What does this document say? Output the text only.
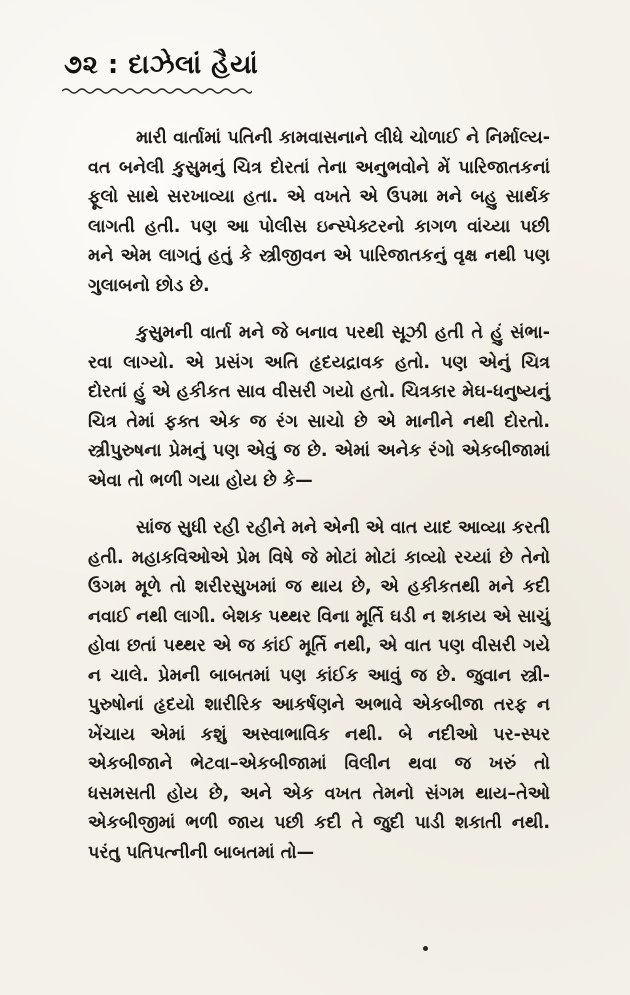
૭૨ : દાઝેલાં હૈયાં

મારી વાર્તામાં પતિની કામવાસનાને લીધે ચોળાઈ ને નિર્માલ્ય-વત બનેલી કુસુમનું ચિત્ર દોરતાં તેના અનુભવોને મેં પારિજાતકનાં ફૂલો સાથે સરખાવ્યા હતા. એ વખતે એ ઉપમા મને બહુ સાર્થક લાગતી હતી. પણ આ પોલીસ ઇન્સ્પેક્ટરનો કાગળ વાંચ્યા પછી મને એમ લાગતું હતું કે સ્ત્રીજીવન એ પારિજાતકનું વૃક્ષ નથી પણ ગુલાબનો છોડ છે.

કુસુમની વાર્તા મને જે બનાવ પરથી સૂઝી હતી તે હું સંભા-રવા લાગ્યો. એ પ્રસંગ અતિ હૃદયદ્રાવક હતો. પણ એનું ચિત્ર દોરતાં હું એ હકીકત સાવ વીસરી ગયો હતો. ચિત્રકાર મેઘ-ધનુષ્યનું ચિત્ર તેમાં ફક્ત એક જ રંગ સાચો છે એ માનીને નથી દોરતો. સ્ત્રીપુરુષના પ્રેમનું પણ એવું જ છે. એમાં અનેક રંગો એકબીજામાં એવા તો ભળી ગયા હોય છે કે—

સાંજ સુધી રહી રહીને મને એની એ વાત યાદ આવ્યા કરતી હતી. મહાકવિઓએ પ્રેમ વિષે જે મોટાં મોટાં કાવ્યો રચ્યાં છે તેનો ઉગમ મૂળે તો શરીરસુખમાં જ થાય છે, એ હકીકતથી મને કદી નવાઈ નથી લાગી. બેશક પથ્થર વિના મૂર્તિ ઘડી ન શકાય એ સાચું હોવા છતાં પથ્થર એ જ કાંઈ મૂર્તિ નથી, એ વાત પણ વીસરી ગયે ન ચાલે. પ્રેમની બાબતમાં પણ કાંઈક આવું જ છે. જુવાન સ્ત્રી-પુરુષોનાં હૃદયો શારીરિક આકર્ષણને અભાવે એકબીજા તરફ ન ખેંચાય એમાં કશું અસ્વાભાવિક નથી. બે નદીઓ પર-સ્પર એકબીજાને ભેટવા–એકબીજામાં વિલીન થવા જ ખરું તો ધસમસતી હોય છે, અને એક વખત તેમનો સંગમ થાય–તેઓ એકબીજીમાં ભળી જાય પછી કદી તે જુદી પાડી શકાતી નથી. પરંતુ પતિપત્નીની બાબતમાં તો—
